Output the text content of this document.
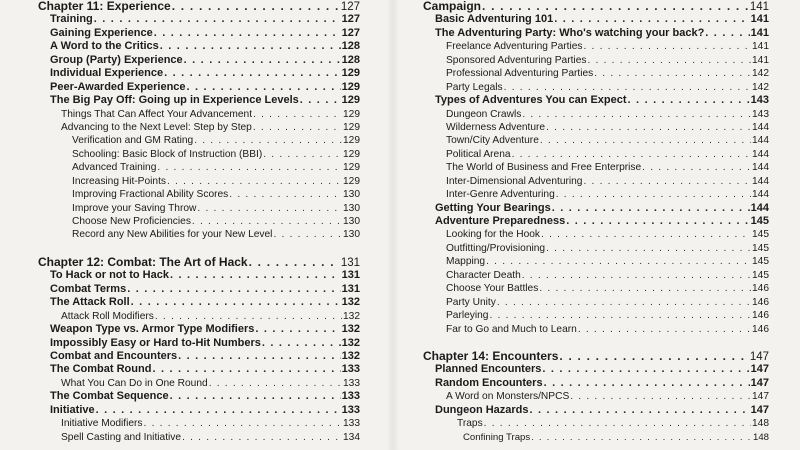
Chapter 11: Experience . . .	127
Training . . .	127
Gaining Experience . . .	127
A Word to the Critics . . .	128
Group (Party) Experience . . .	128
Individual Experience . . .	129
Peer-Awarded Experience . . .	129
The Big Pay Off: Going up in Experience Levels . . .	129
Things That Can Affect Your Advancement . . .	129
Advancing to the Next Level: Step by Step . . .	129
Verification and GM Rating . . .	129
Schooling: Basic Block of Instruction (BBI) . . .	129
Advanced Training . . .	129
Increasing Hit-Points . . .	129
Improving Fractional Ability Scores . . .	130
Improve your Saving Throw . . .	130
Choose New Proficiencies . . .	130
Record any New Abilities for your New Level . . .	130
Chapter 12: Combat: The Art of Hack . . .	131
To Hack or not to Hack . . .	131
Combat Terms . . .	131
The Attack Roll . . .	132
Attack Roll Modifiers . . .	132
Weapon Type vs. Armor Type Modifiers . . .	132
Impossibly Easy or Hard to-Hit Numbers . . .	132
Combat and Encounters . . .	132
The Combat Round . . .	133
What You Can Do in One Round . . .	133
The Combat Sequence . . .	133
Initiative . . .	133
Initiative Modifiers . . .	133
Spell Casting and Initiative . . .	134
Campaign . . .	141
Basic Adventuring 101 . . .	141
The Adventuring Party: Who's watching your back? . . .	141
Freelance Adventuring Parties . . .	141
Sponsored Adventuring Parties . . .	141
Professional Adventuring Parties . . .	142
Party Legals . . .	142
Types of Adventures You can Expect . . .	143
Dungeon Crawls . . .	143
Wilderness Adventure . . .	144
Town/City Adventure . . .	144
Political Arena . . .	144
The World of Business and Free Enterprise . . .	144
Inter-Dimensional Adventuring . . .	144
Inter-Genre Adventuring . . .	144
Getting Your Bearings . . .	144
Adventure Preparedness . . .	145
Looking for the Hook . . .	145
Outfitting/Provisioning . . .	145
Mapping . . .	145
Character Death . . .	145
Choose Your Battles . . .	146
Party Unity . . .	146
Parleying . . .	146
Far to Go and Much to Learn . . .	146
Chapter 14: Encounters . . .	147
Planned Encounters . . .	147
Random Encounters . . .	147
A Word on Monsters/NPCS . . .	147
Dungeon Hazards . . .	147
Traps . . .	148
Confining Traps . . .	148
